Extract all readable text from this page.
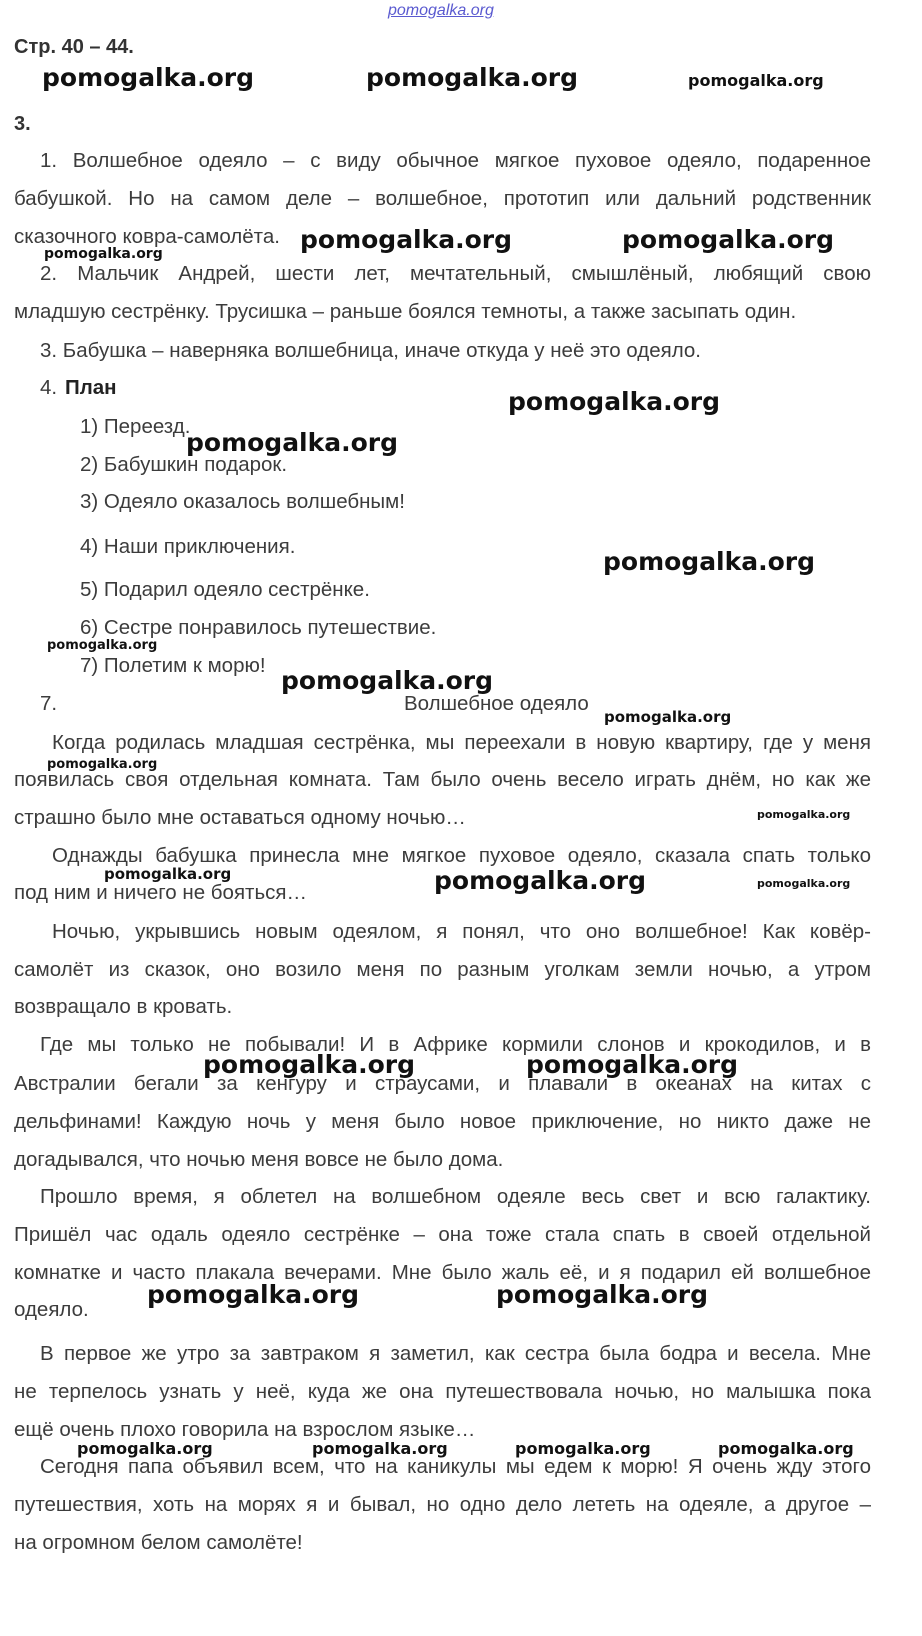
pomogalka.org
Стр. 40 – 44.
3.
1. Волшебное одеяло – с виду обычное мягкое пуховое одеяло, подаренное
бабушкой. Но на самом деле – волшебное, прототип или дальний родственник
сказочного ковра-самолёта.
2. Мальчик Андрей, шести лет, мечтательный, смышлёный, любящий свою
младшую сестрёнку. Трусишка – раньше боялся темноты, а также засыпать один.
3. Бабушка – наверняка волшебница, иначе откуда у неё это одеяло.
4. План
1) Переезд.
2) Бабушкин подарок.
3) Одеяло оказалось волшебным!
4) Наши приключения.
5) Подарил одеяло сестрёнке.
6) Сестре понравилось путешествие.
7) Полетим к морю!
7.	Волшебное одеяло
Когда родилась младшая сестрёнка, мы переехали в новую квартиру, где у меня
появилась своя отдельная комната. Там было очень весело играть днём, но как же
страшно было мне оставаться одному ночью…
Однажды бабушка принесла мне мягкое пуховое одеяло, сказала спать только
под ним и ничего не бояться…
Ночью, укрывшись новым одеялом, я понял, что оно волшебное! Как ковёр-
самолёт из сказок, оно возило меня по разным уголкам земли ночью, а утром
возвращало в кровать.
Где мы только не побывали! И в Африке кормили слонов и крокодилов, и в
Австралии бегали за кенгуру и страусами, и плавали в океанах на китах с
дельфинами! Каждую ночь у меня было новое приключение, но никто даже не
догадывался, что ночью меня вовсе не было дома.
Прошло время, я облетел на волшебном одеяле весь свет и всю галактику.
Пришёл час одаль одеяло сестрёнке – она тоже стала спать в своей отдельной
комнатке и часто плакала вечерами. Мне было жаль её, и я подарил ей волшебное
одеяло.
В первое же утро за завтраком я заметил, как сестра была бодра и весела. Мне
не терпелось узнать у неё, куда же она путешествовала ночью, но малышка пока
ещё очень плохо говорила на взрослом языке…
Сегодня папа объявил всем, что на каникулы мы едем к морю! Я очень жду этого
путешествия, хоть на морях я и бывал, но одно дело лететь на одеяле, а другое –
на огромном белом самолёте!
pomogalka.org	pomogalka.org	pomogalka.org
pomogalka.org	pomogalka.org
pomogalka.org
pomogalka.org
pomogalka.org
pomogalka.org
pomogalka.org
pomogalka.org
pomogalka.org
pomogalka.org
pomogalka.org
pomogalka.org	pomogalka.org	pomogalka.org
pomogalka.org	pomogalka.org
pomogalka.org	pomogalka.org
pomogalka.org	pomogalka.org	pomogalka.org	pomogalka.org
